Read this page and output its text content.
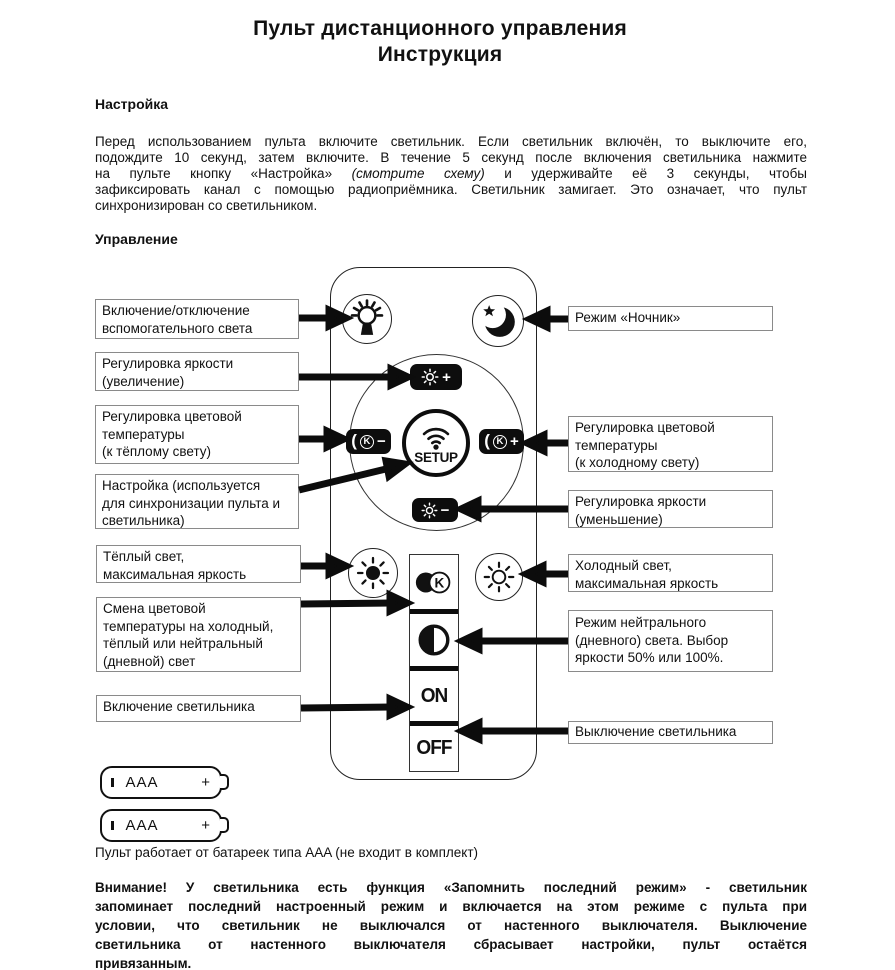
Пульт дистанционного управления
Инструкция
Настройка
Перед использованием пульта включите светильник. Если светильник включён, то выключите его,
подождите 10 секунд, затем включите. В течение 5 секунд после включения светильника нажмите
на пульте кнопку «Настройка» (смотрите схему) и удерживайте её 3 секунды, чтобы
зафиксировать канал с помощью радиоприёмника. Светильник замигает. Это означает, что пульт
синхронизирован со светильником.
Управление
Включение/отключение
вспомогательного света
Регулировка яркости
(увеличение)
Регулировка цветовой
температуры
(к тёплому свету)
Настройка (используется
для синхронизации пульта и
светильника)
Тёплый свет,
максимальная яркость
Смена цветовой
температуры на холодный,
тёплый или нейтральный
(дневной) свет
Включение светильника
Режим «Ночник»
Регулировка цветовой
температуры
(к холодному свету)
Регулировка яркости
(уменьшение)
Холодный свет,
максимальная яркость
Режим нейтрального
(дневного) света. Выбор
яркости 50% или 100%.
Выключение светильника
+
( K −	( K +
SETUP
−
K
ON
OFF
AAA	+
AAA	+
Пульт работает от батареек типа AAA (не входит в комплект)
Внимание! У светильника есть функция «Запомнить последний режим» - светильник
запоминает последний настроенный режим и включается на этом режиме с пульта при
условии, что светильник не выключался от настенного выключателя. Выключение
светильника от настенного выключателя сбрасывает настройки, пульт остаётся
привязанным.
